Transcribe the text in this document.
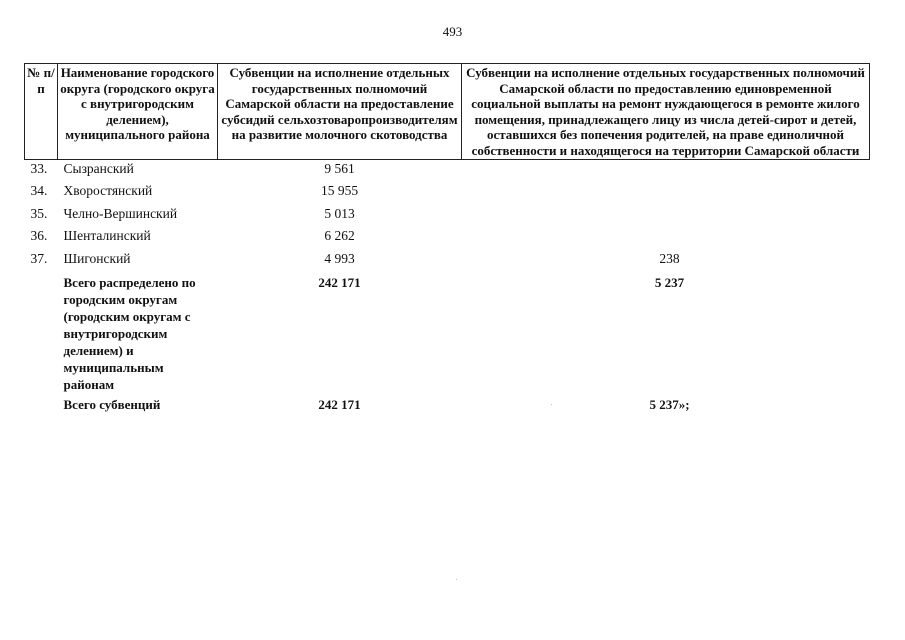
493
№ п/п	Наименование городского округа (городского округа с внутригородским делением), муниципального района	Субвенции на исполнение отдельных государственных полномочий Самарской области на предоставление субсидий сельхозтоваропроизводителям на развитие молочного скотоводства	Субвенции на исполнение отдельных государственных полномочий Самарской области по предоставлению единовременной социальной выплаты на ремонт нуждающегося в ремонте жилого помещения, принадлежащего лицу из числа детей-сирот и детей, оставшихся без попечения родителей, на праве единоличной собственности и находящегося на территории Самарской области
33.	Сызранский	9 561	
34.	Хворостянский	15 955	
35.	Челно-Вершинский	5 013	
36.	Шенталинский	6 262	
37.	Шигонский	4 993	238
	Всего распределено по городским округам (городским округам с внутригородским делением) и муниципальным районам	242 171	5 237
	Всего субвенций	242 171	5 237»;
